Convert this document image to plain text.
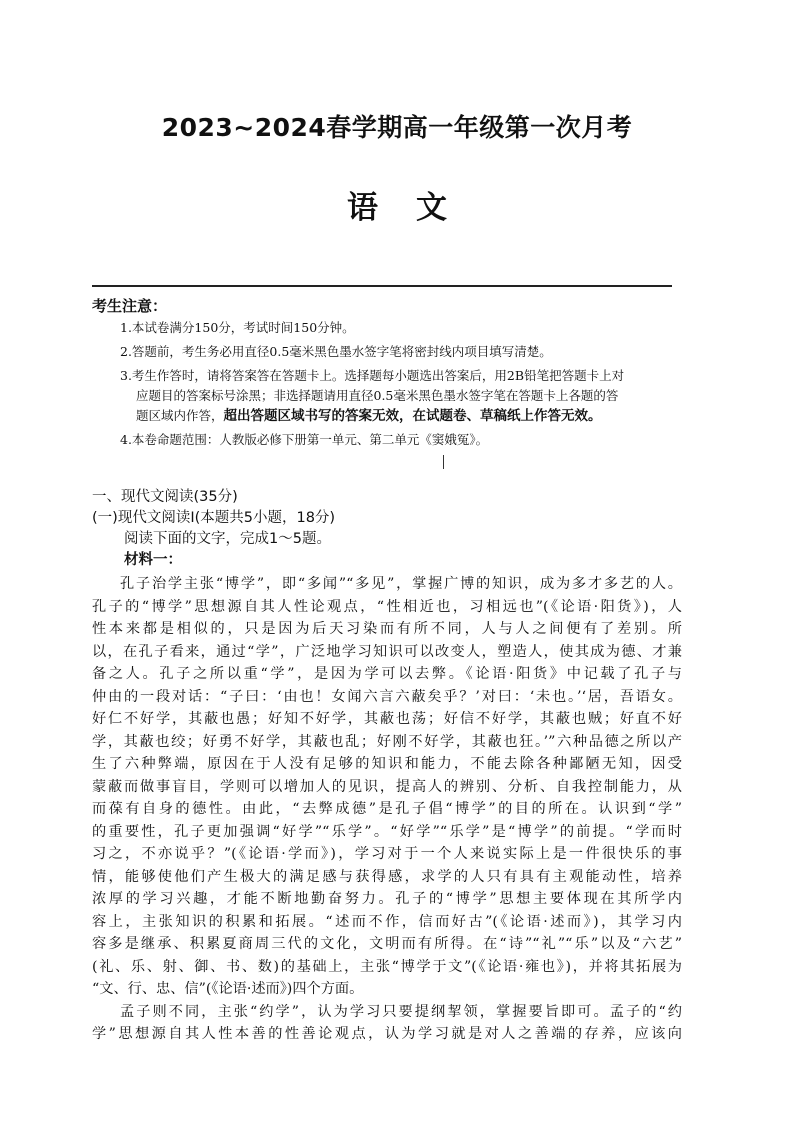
2023~2024春学期高一年级第一次月考
语文
考生注意：
1.本试卷满分150分，考试时间150分钟。
2.答题前，考生务必用直径0.5毫米黑色墨水签字笔将密封线内项目填写清楚。
3.考生作答时，请将答案答在答题卡上。选择题每小题选出答案后，用2B铅笔把答题卡上对
应题目的答案标号涂黑；非选择题请用直径0.5毫米黑色墨水签字笔在答题卡上各题的答
题区域内作答，超出答题区域书写的答案无效，在试题卷、草稿纸上作答无效。
4.本卷命题范围：人教版必修下册第一单元、第二单元《窦娥冤》。
一、现代文阅读(35分)
(一)现代文阅读Ⅰ(本题共5小题，18分)
阅读下面的文字，完成1～5题。
材料一：
孔子治学主张“博学”，即“多闻”“多见”，掌握广博的知识，成为多才多艺的人。
孔子的“博学”思想源自其人性论观点，“性相近也，习相远也”(《论语·阳货》)，人
性本来都是相似的，只是因为后天习染而有所不同，人与人之间便有了差别。所
以，在孔子看来，通过“学”，广泛地学习知识可以改变人，塑造人，使其成为德、才兼
备之人。孔子之所以重“学”，是因为学可以去弊。《论语·阳货》中记载了孔子与
仲由的一段对话：“子曰：‘由也！女闻六言六蔽矣乎？’对曰：‘未也。’‘居，吾语女。
好仁不好学，其蔽也愚；好知不好学，其蔽也荡；好信不好学，其蔽也贼；好直不好
学，其蔽也绞；好勇不好学，其蔽也乱；好刚不好学，其蔽也狂。’”六种品德之所以产
生了六种弊端，原因在于人没有足够的知识和能力，不能去除各种鄙陋无知，因受
蒙蔽而做事盲目，学则可以增加人的见识，提高人的辨别、分析、自我控制能力，从
而葆有自身的德性。由此，“去弊成德”是孔子倡“博学”的目的所在。认识到“学”
的重要性，孔子更加强调“好学”“乐学”。“好学”“乐学”是“博学”的前提。“学而时
习之，不亦说乎？”(《论语·学而》)，学习对于一个人来说实际上是一件很快乐的事
情，能够使他们产生极大的满足感与获得感，求学的人只有具有主观能动性，培养
浓厚的学习兴趣，才能不断地勤奋努力。孔子的“博学”思想主要体现在其所学内
容上，主张知识的积累和拓展。“述而不作，信而好古”(《论语·述而》)，其学习内
容多是继承、积累夏商周三代的文化，文明而有所得。在“诗”“礼”“乐”以及“六艺”
(礼、乐、射、御、书、数)的基础上，主张“博学于文”(《论语·雍也》)，并将其拓展为
“文、行、忠、信”(《论语·述而》)四个方面。
孟子则不同，主张“约学”，认为学习只要提纲挈领，掌握要旨即可。孟子的“约
学”思想源自其人性本善的性善论观点，认为学习就是对人之善端的存养，应该向
